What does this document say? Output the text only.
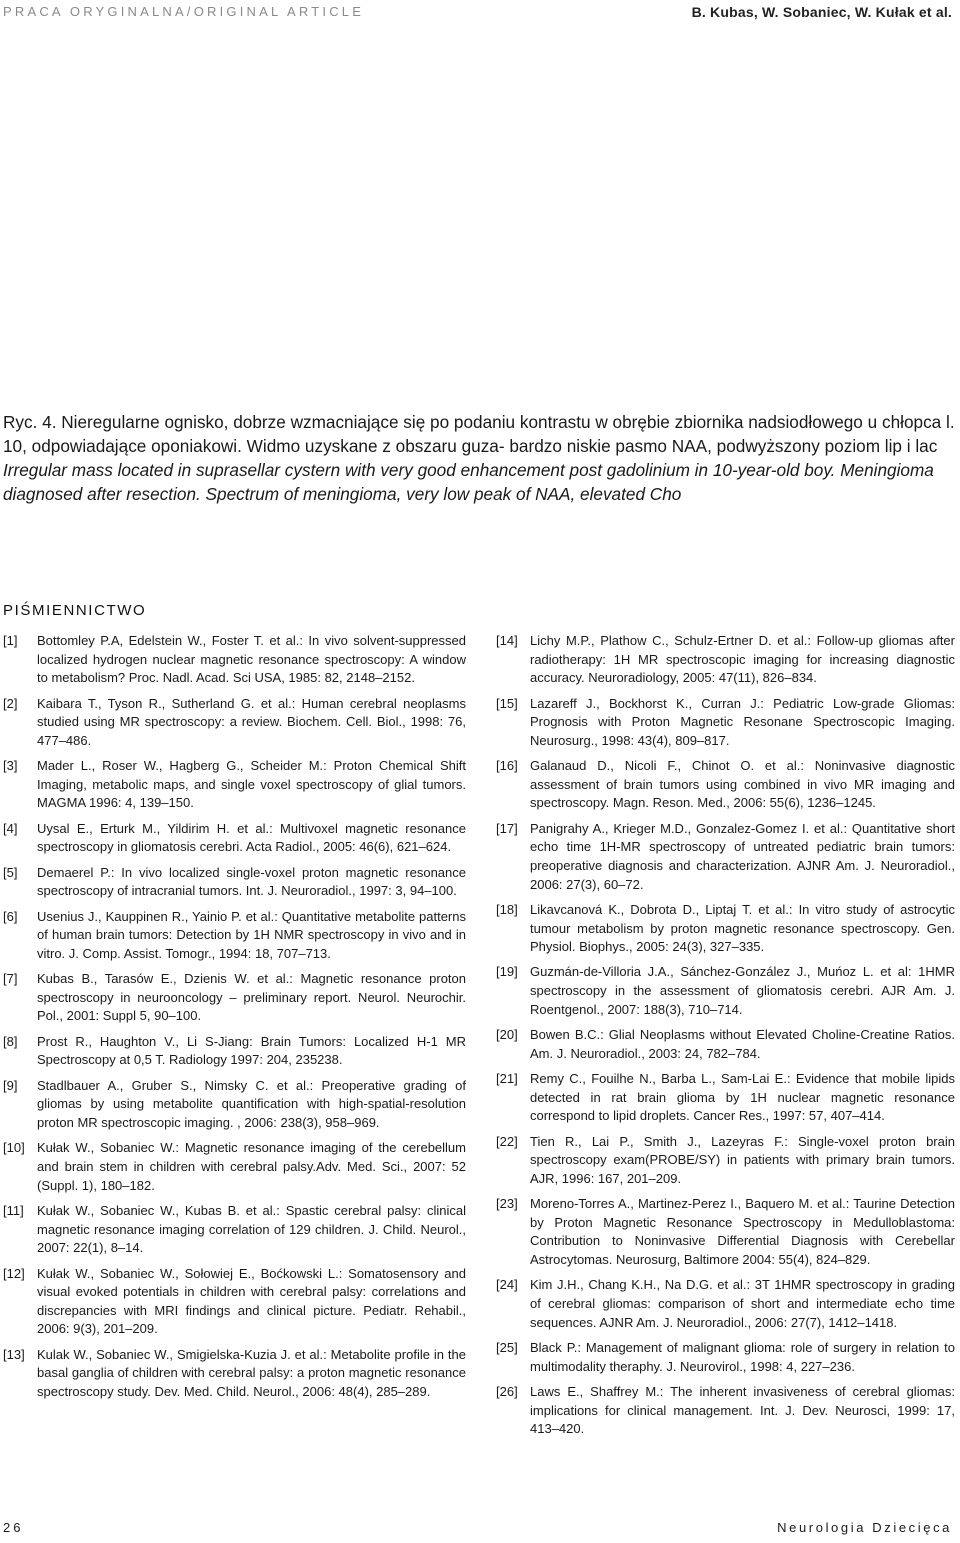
PRACA ORYGINALNA/ORIGINAL ARTICLE	B. Kubas, W. Sobaniec, W. Kułak et al.
Ryc. 4. Nieregularne ognisko, dobrze wzmacniające się po podaniu kontrastu w obrębie zbiornika nadsiodłowego u chłopca l. 10, odpowiadające oponiakowi. Widmo uzyskane z obszaru guza- bardzo niskie pasmo NAA, podwyższony poziom lip i lac Irregular mass located in suprasellar cystern with very good enhancement post gadolinium in 10-year-old boy. Meningioma diagnosed after resection. Spectrum of meningioma, very low peak of NAA, elevated Cho
PIŚMIENNICTWO
[1] Bottomley P.A, Edelstein W., Foster T. et al.: In vivo solvent-suppressed localized hydrogen nuclear magnetic resonance spectroscopy: A window to metabolism? Proc. Nadl. Acad. Sci USA, 1985: 82, 2148–2152.
[2] Kaibara T., Tyson R., Sutherland G. et al.: Human cerebral neoplasms studied using MR spectroscopy: a review. Biochem. Cell. Biol., 1998: 76, 477–486.
[3] Mader L., Roser W., Hagberg G., Scheider M.: Proton Chemical Shift Imaging, metabolic maps, and single voxel spectroscopy of glial tumors. MAGMA 1996: 4, 139–150.
[4] Uysal E., Erturk M., Yildirim H. et al.: Multivoxel magnetic resonance spectroscopy in gliomatosis cerebri. Acta Radiol., 2005: 46(6), 621–624.
[5] Demaerel P.: In vivo localized single-voxel proton magnetic resonance spectroscopy of intracranial tumors. Int. J. Neuroradiol., 1997: 3, 94–100.
[6] Usenius J., Kauppinen R., Yainio P. et al.: Quantitative metabolite patterns of human brain tumors: Detection by 1H NMR spectroscopy in vivo and in vitro. J. Comp. Assist. Tomogr., 1994: 18, 707–713.
[7] Kubas B., Tarasów E., Dzienis W. et al.: Magnetic resonance proton spectroscopy in neurooncology – preliminary report. Neurol. Neurochir. Pol., 2001: Suppl 5, 90–100.
[8] Prost R., Haughton V., Li S-Jiang: Brain Tumors: Localized H-1 MR Spectroscopy at 0,5 T. Radiology 1997: 204, 235238.
[9] Stadlbauer A., Gruber S., Nimsky C. et al.: Preoperative grading of gliomas by using metabolite quantification with high-spatial-resolution proton MR spectroscopic imaging. , 2006: 238(3), 958–969.
[10] Kułak W., Sobaniec W.: Magnetic resonance imaging of the cerebellum and brain stem in children with cerebral palsy.Adv. Med. Sci., 2007: 52 (Suppl. 1), 180–182.
[11] Kułak W., Sobaniec W., Kubas B. et al.: Spastic cerebral palsy: clinical magnetic resonance imaging correlation of 129 children. J. Child. Neurol., 2007: 22(1), 8–14.
[12] Kułak W., Sobaniec W., Sołowiej E., Boćkowski L.: Somatosensory and visual evoked potentials in children with cerebral palsy: correlations and discrepancies with MRI findings and clinical picture. Pediatr. Rehabil., 2006: 9(3), 201–209.
[13] Kulak W., Sobaniec W., Smigielska-Kuzia J. et al.: Metabolite profile in the basal ganglia of children with cerebral palsy: a proton magnetic resonance spectroscopy study. Dev. Med. Child. Neurol., 2006: 48(4), 285–289.
[14] Lichy M.P., Plathow C., Schulz-Ertner D. et al.: Follow-up gliomas after radiotherapy: 1H MR spectroscopic imaging for increasing diagnostic accuracy. Neuroradiology, 2005: 47(11), 826–834.
[15] Lazareff J., Bockhorst K., Curran J.: Pediatric Low-grade Gliomas: Prognosis with Proton Magnetic Resonane Spectroscopic Imaging. Neurosurg., 1998: 43(4), 809–817.
[16] Galanaud D., Nicoli F., Chinot O. et al.: Noninvasive diagnostic assessment of brain tumors using combined in vivo MR imaging and spectroscopy. Magn. Reson. Med., 2006: 55(6), 1236–1245.
[17] Panigrahy A., Krieger M.D., Gonzalez-Gomez I. et al.: Quantitative short echo time 1H-MR spectroscopy of untreated pediatric brain tumors: preoperative diagnosis and characterization. AJNR Am. J. Neuroradiol., 2006: 27(3), 60–72.
[18] Likavcanová K., Dobrota D., Liptaj T. et al.: In vitro study of astrocytic tumour metabolism by proton magnetic resonance spectroscopy. Gen. Physiol. Biophys., 2005: 24(3), 327–335.
[19] Guzmán-de-Villoria J.A., Sánchez-González J., Muńoz L. et al: 1HMR spectroscopy in the assessment of gliomatosis cerebri. AJR Am. J. Roentgenol., 2007: 188(3), 710–714.
[20] Bowen B.C.: Glial Neoplasms without Elevated Choline-Creatine Ratios. Am. J. Neuroradiol., 2003: 24, 782–784.
[21] Remy C., Fouilhe N., Barba L., Sam-Lai E.: Evidence that mobile lipids detected in rat brain glioma by 1H nuclear magnetic resonance correspond to lipid droplets. Cancer Res., 1997: 57, 407–414.
[22] Tien R., Lai P., Smith J., Lazeyras F.: Single-voxel proton brain spectroscopy exam(PROBE/SY) in patients with primary brain tumors. AJR, 1996: 167, 201–209.
[23] Moreno-Torres A., Martinez-Perez I., Baquero M. et al.: Taurine Detection by Proton Magnetic Resonance Spectroscopy in Medulloblastoma: Contribution to Noninvasive Differential Diagnosis with Cerebellar Astrocytomas. Neurosurg, Baltimore 2004: 55(4), 824–829.
[24] Kim J.H., Chang K.H., Na D.G. et al.: 3T 1HMR spectroscopy in grading of cerebral gliomas: comparison of short and intermediate echo time sequences. AJNR Am. J. Neuroradiol., 2006: 27(7), 1412–1418.
[25] Black P.: Management of malignant glioma: role of surgery in relation to multimodality theraphy. J. Neurovirol., 1998: 4, 227–236.
[26] Laws E., Shaffrey M.: The inherent invasiveness of cerebral gliomas: implications for clinical management. Int. J. Dev. Neurosci, 1999: 17, 413–420.
26	Neurologia Dziecięca
